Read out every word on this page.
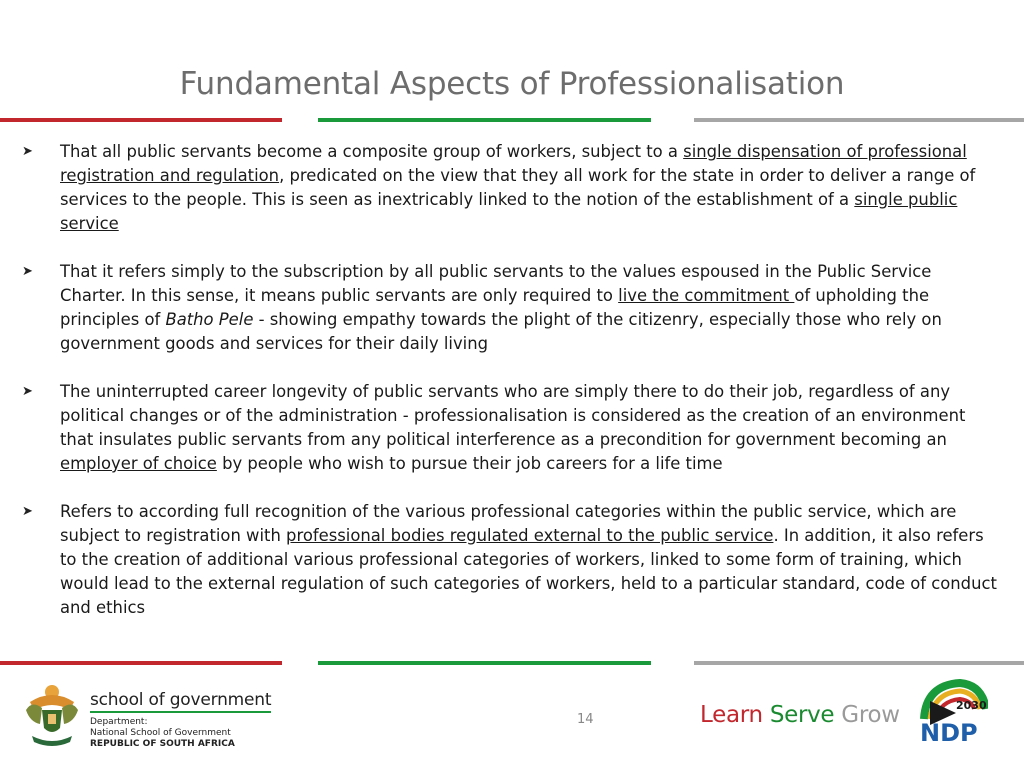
Fundamental Aspects of Professionalisation
➤ That all public servants become a composite group of workers, subject to a single dispensation of professional registration and regulation, predicated on the view that they all work for the state in order to deliver a range of services to the people. This is seen as inextricably linked to the notion of the establishment of a single public service
➤ That it refers simply to the subscription by all public servants to the values espoused in the Public Service Charter. In this sense, it means public servants are only required to live the commitment of upholding the principles of Batho Pele - showing empathy towards the plight of the citizenry, especially those who rely on government goods and services for their daily living
➤ The uninterrupted career longevity of public servants who are simply there to do their job, regardless of any political changes or of the administration - professionalisation is considered as the creation of an environment that insulates public servants from any political interference as a precondition for government becoming an employer of choice by people who wish to pursue their job careers for a life time
➤ Refers to according full recognition of the various professional categories within the public service, which are subject to registration with professional bodies regulated external to the public service. In addition, it also refers to the creation of additional various professional categories of workers, linked to some form of training, which would lead to the external regulation of such categories of workers, held to a particular standard, code of conduct and ethics
school of government
Department:
National School of Government
REPUBLIC OF SOUTH AFRICA
14	Learn Serve Grow	2030
NDP
